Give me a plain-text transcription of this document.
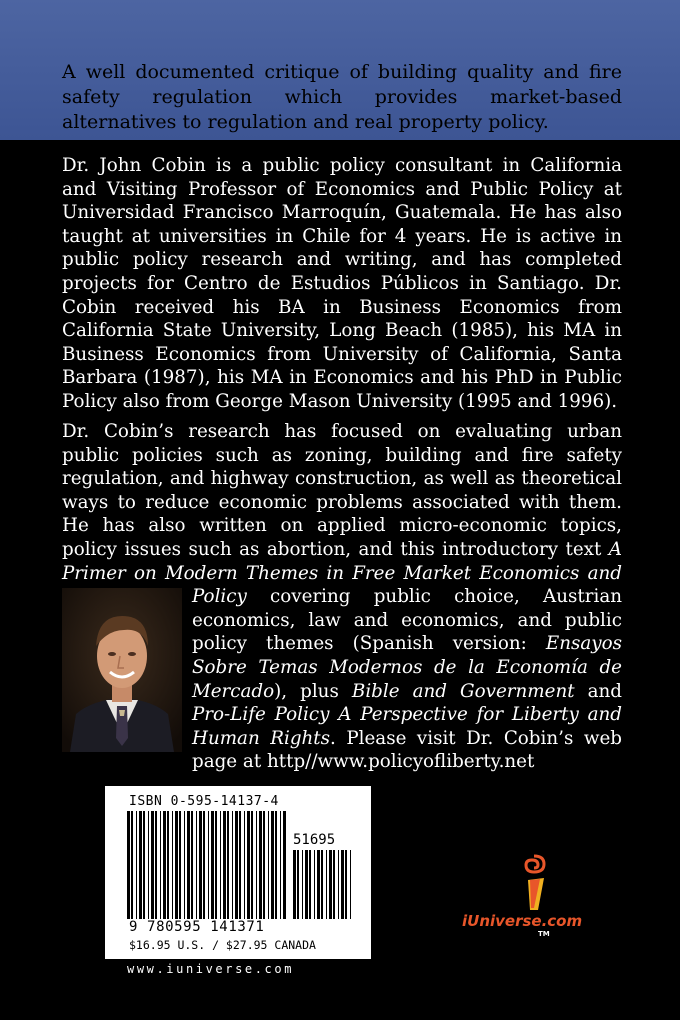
A well documented critique of building quality and fire safety regulation which provides market-based alternatives to regulation and real property policy.

Dr. John Cobin is a public policy consultant in California and Visiting Professor of Economics and Public Policy at Universidad Francisco Marroquín, Guatemala. He has also taught at universities in Chile for 4 years. He is active in public policy research and writing, and has completed projects for Centro de Estudios Públicos in Santiago. Dr. Cobin received his BA in Business Economics from California State University, Long Beach (1985), his MA in Business Economics from University of California, Santa Barbara (1987), his MA in Economics and his PhD in Public Policy also from George Mason University (1995 and 1996).

Dr. Cobin’s research has focused on evaluating urban public policies such as zoning, building and fire safety regulation, and highway construction, as well as theoretical ways to reduce economic problems associated with them. He has also written on applied micro-economic topics, policy issues such as abortion, and this introductory text A Primer on Modern Themes in Free Market Economics and Policy
covering public choice, Austrian economics, law and economics, and public policy themes (Spanish version: Ensayos Sobre Temas Modernos de la Economía de Mercado), plus Bible and Government and Pro-Life Policy A Perspective for Liberty and Human Rights. Please visit Dr. Cobin’s web page at http//www.policyofliberty.net
ISBN 0-595-14137-4
51695
9 780595 141371
$16.95 U.S. / $27.95 CANADA
www.iuniverse.com
iUniverse.com
TM
